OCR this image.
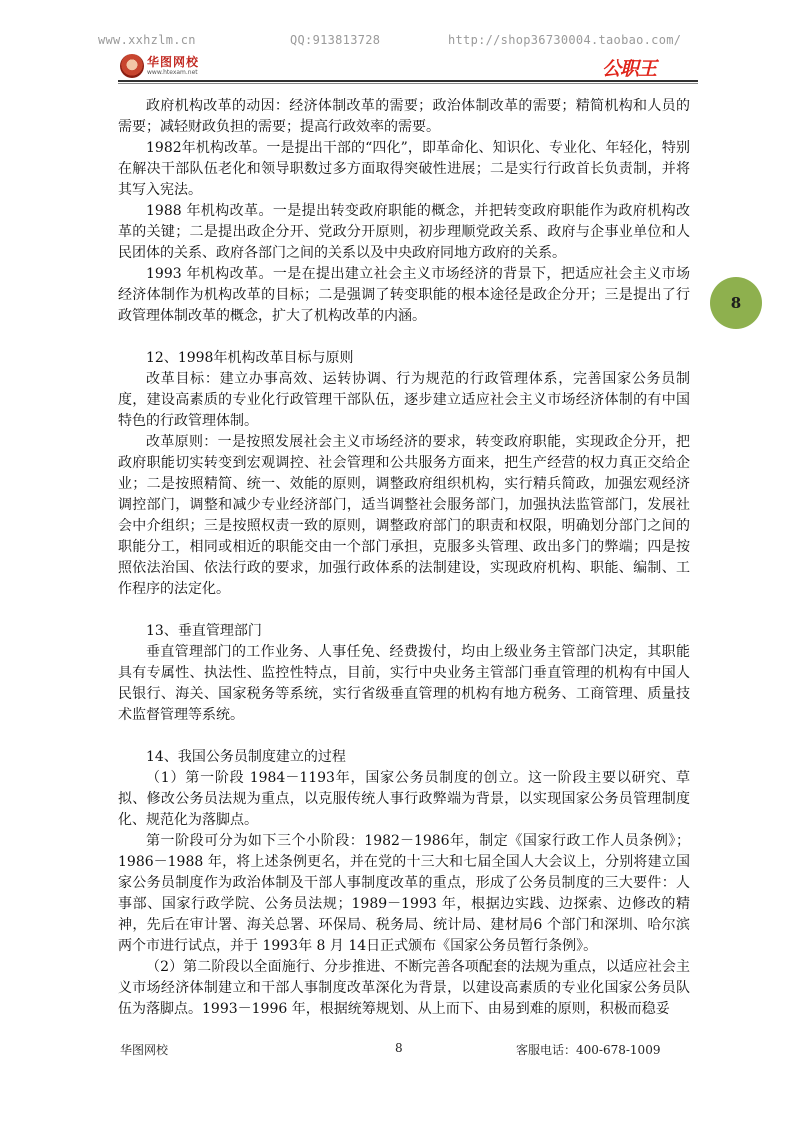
www.xxhzlm.cn	QQ:913813728	http://shop36730004.taobao.com/
华图网校
www.htexam.net	公职王
8

政府机构改革的动因：经济体制改革的需要；政治体制改革的需要；精简机构和人员的需要；减轻财政负担的需要；提高行政效率的需要。

1982年机构改革。一是提出干部的“四化”，即革命化、知识化、专业化、年轻化，特别在解决干部队伍老化和领导职数过多方面取得突破性进展；二是实行行政首长负责制，并将其写入宪法。

1988 年机构改革。一是提出转变政府职能的概念，并把转变政府职能作为政府机构改革的关键；二是提出政企分开、党政分开原则，初步理顺党政关系、政府与企事业单位和人民团体的关系、政府各部门之间的关系以及中央政府同地方政府的关系。

1993 年机构改革。一是在提出建立社会主义市场经济的背景下，把适应社会主义市场经济体制作为机构改革的目标；二是强调了转变职能的根本途径是政企分开；三是提出了行政管理体制改革的概念，扩大了机构改革的内涵。

12、1998年机构改革目标与原则

改革目标：建立办事高效、运转协调、行为规范的行政管理体系，完善国家公务员制度，建设高素质的专业化行政管理干部队伍，逐步建立适应社会主义市场经济体制的有中国特色的行政管理体制。

改革原则：一是按照发展社会主义市场经济的要求，转变政府职能，实现政企分开，把政府职能切实转变到宏观调控、社会管理和公共服务方面来，把生产经营的权力真正交给企业；二是按照精简、统一、效能的原则，调整政府组织机构，实行精兵简政，加强宏观经济调控部门，调整和减少专业经济部门，适当调整社会服务部门，加强执法监管部门，发展社会中介组织；三是按照权责一致的原则，调整政府部门的职责和权限，明确划分部门之间的职能分工，相同或相近的职能交由一个部门承担，克服多头管理、政出多门的弊端；四是按照依法治国、依法行政的要求，加强行政体系的法制建设，实现政府机构、职能、编制、工作程序的法定化。

13、垂直管理部门

垂直管理部门的工作业务、人事任免、经费拨付，均由上级业务主管部门决定，其职能具有专属性、执法性、监控性特点，目前，实行中央业务主管部门垂直管理的机构有中国人民银行、海关、国家税务等系统，实行省级垂直管理的机构有地方税务、工商管理、质量技术监督管理等系统。

14、我国公务员制度建立的过程

（1）第一阶段 1984－1193年，国家公务员制度的创立。这一阶段主要以研究、草拟、修改公务员法规为重点，以克服传统人事行政弊端为背景，以实现国家公务员管理制度化、规范化为落脚点。

第一阶段可分为如下三个小阶段：1982－1986年，制定《国家行政工作人员条例》；1986－1988 年，将上述条例更名，并在党的十三大和七届全国人大会议上，分别将建立国家公务员制度作为政治体制及干部人事制度改革的重点，形成了公务员制度的三大要件：人事部、国家行政学院、公务员法规；1989－1993 年，根据边实践、边探索、边修改的精神，先后在审计署、海关总署、环保局、税务局、统计局、建材局6 个部门和深圳、哈尔滨两个市进行试点，并于 1993年 8 月 14日正式颁布《国家公务员暂行条例》。

（2）第二阶段以全面施行、分步推进、不断完善各项配套的法规为重点，以适应社会主义市场经济体制建立和干部人事制度改革深化为背景，以建设高素质的专业化国家公务员队伍为落脚点。1993－1996 年，根据统筹规划、从上而下、由易到难的原则，积极而稳妥

华图网校	8	客服电话：400-678-1009
